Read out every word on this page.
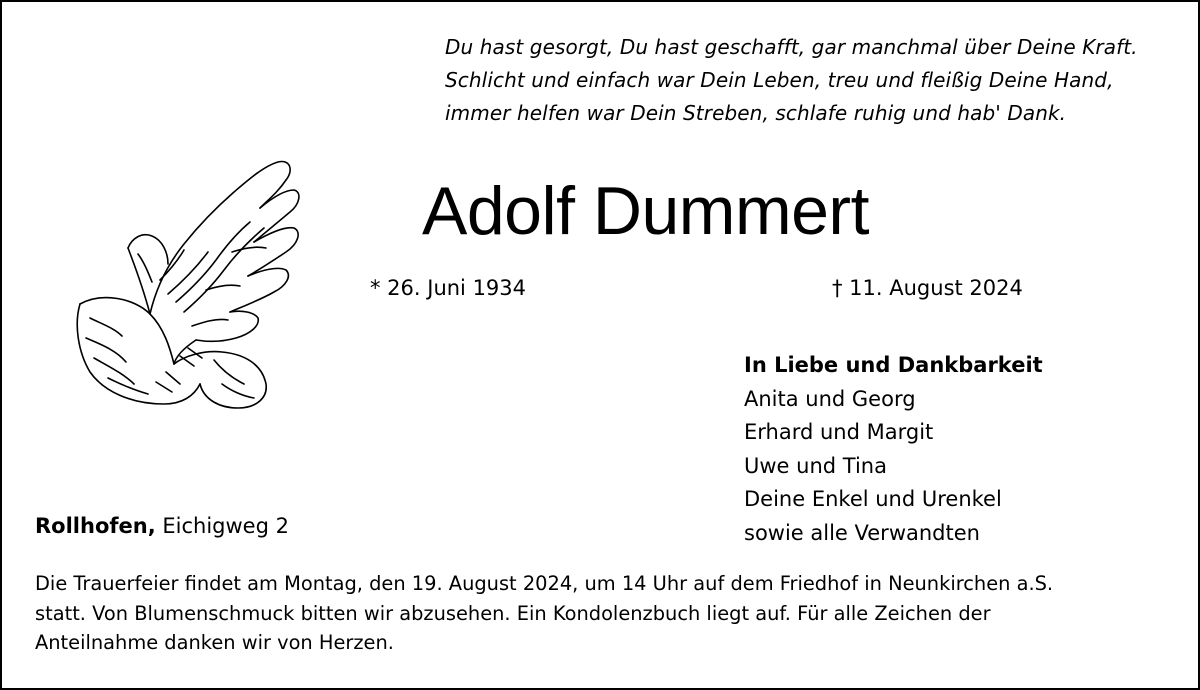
Du hast gesorgt, Du hast geschafft, gar manchmal über Deine Kraft.
Schlicht und einfach war Dein Leben, treu und fleißig Deine Hand,
immer helfen war Dein Streben, schlafe ruhig und hab' Dank.
Adolf Dummert
* 26. Juni 1934	† 11. August 2024
In Liebe und Dankbarkeit
Anita und Georg
Erhard und Margit
Uwe und Tina
Deine Enkel und Urenkel
sowie alle Verwandten
Rollhofen, Eichigweg 2
Die Trauerfeier findet am Montag, den 19. August 2024, um 14 Uhr auf dem Friedhof in Neunkirchen a.S.
statt. Von Blumenschmuck bitten wir abzusehen. Ein Kondolenzbuch liegt auf. Für alle Zeichen der
Anteilnahme danken wir von Herzen.
